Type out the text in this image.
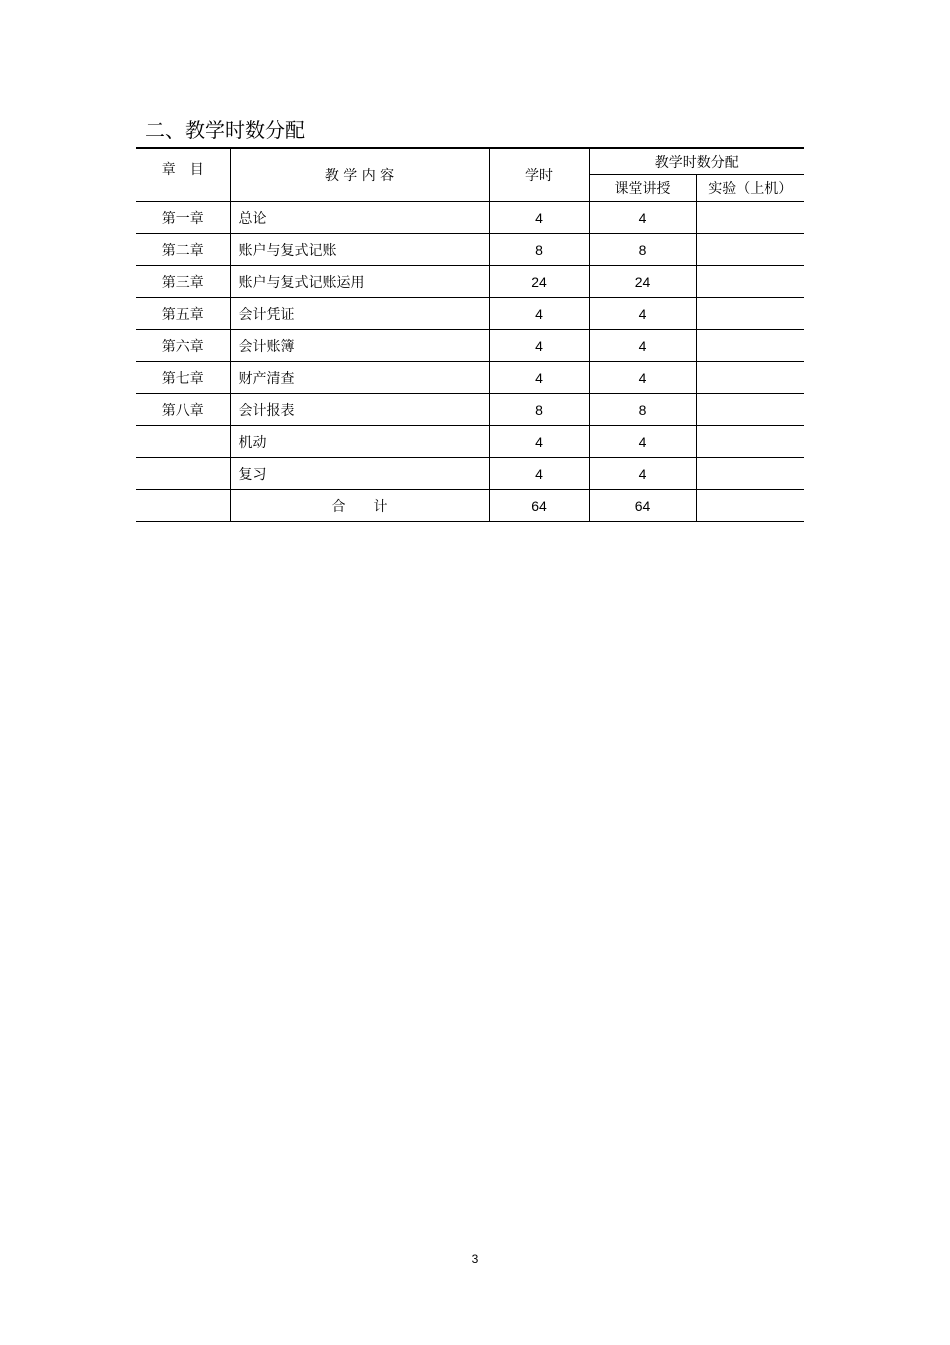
二、教学时数分配
章　目	教 学 内 容	学时	教学时数分配	
			课堂讲授	实验（上机）
第一章	总论	4	4	
第二章	账户与复式记账	8	8	
第三章	账户与复式记账运用	24	24	
第五章	会计凭证	4	4	
第六章	会计账簿	4	4	
第七章	财产清查	4	4	
第八章	会计报表	8	8	
	机动	4	4	
	复习	4	4	
	合　　计	64	64	
3
